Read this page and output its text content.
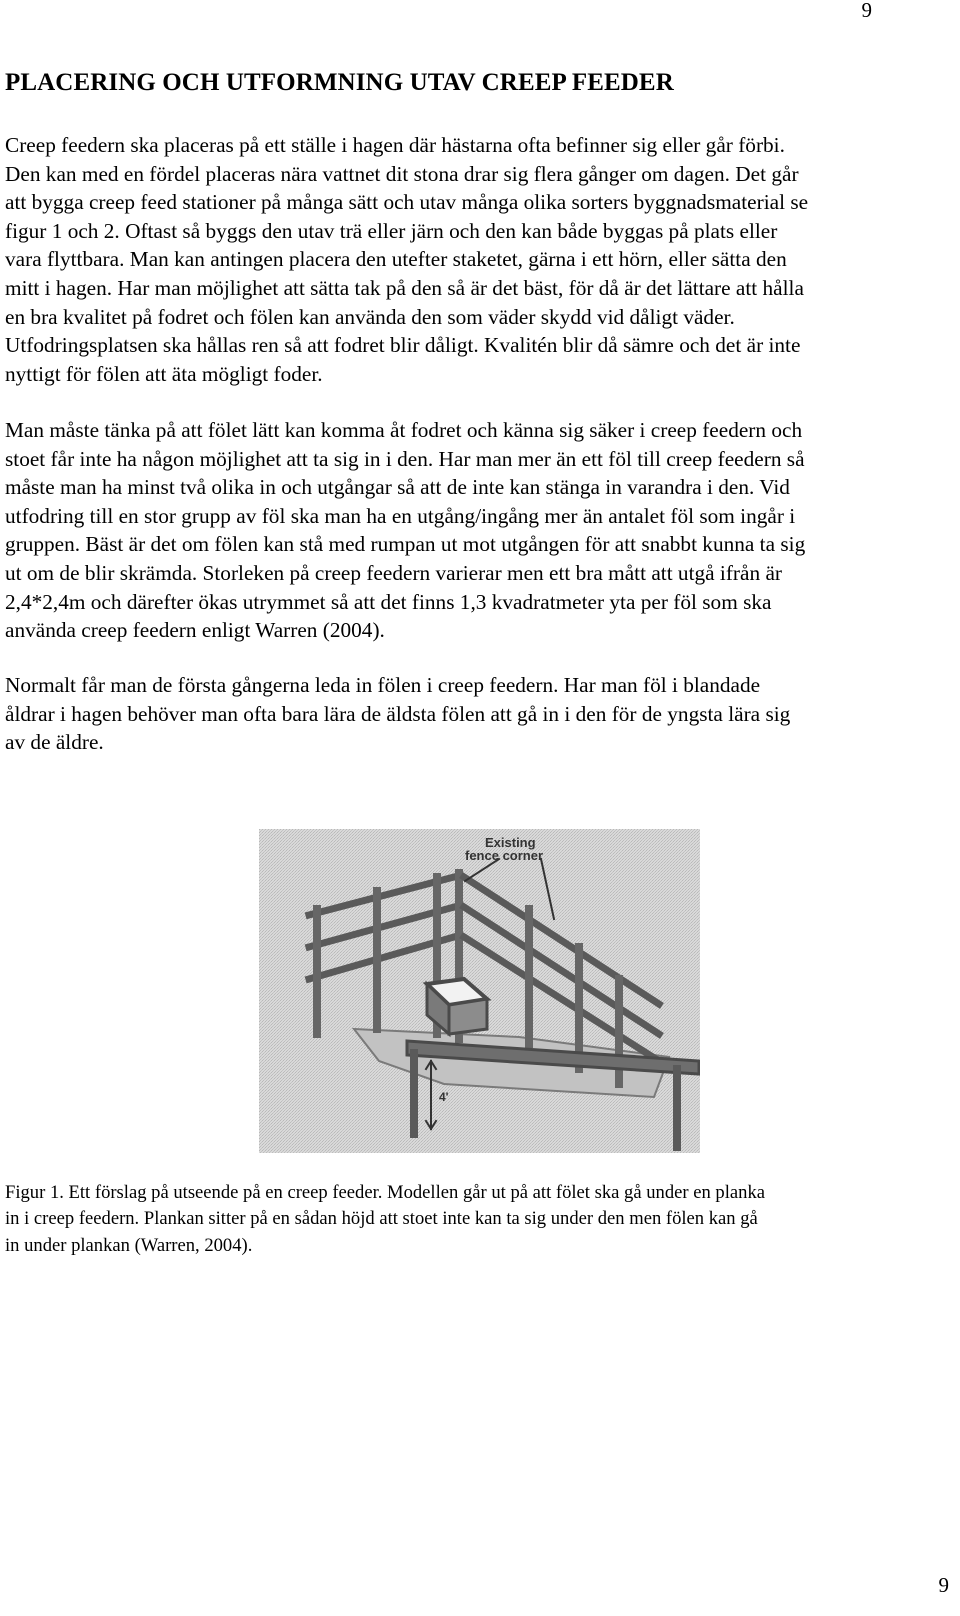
9
PLACERING OCH UTFORMNING UTAV CREEP FEEDER
Creep feedern ska placeras på ett ställe i hagen där hästarna ofta befinner sig eller går förbi.
Den kan med en fördel placeras nära vattnet dit stona drar sig flera gånger om dagen. Det går
att bygga creep feed stationer på många sätt och utav många olika sorters byggnadsmaterial se
figur 1 och 2. Oftast så byggs den utav trä eller järn och den kan både byggas på plats eller
vara flyttbara. Man kan antingen placera den utefter staketet, gärna i ett hörn, eller sätta den
mitt i hagen. Har man möjlighet att sätta tak på den så är det bäst, för då är det lättare att hålla
en bra kvalitet på fodret och fölen kan använda den som väder skydd vid dåligt väder.
Utfodringsplatsen ska hållas ren så att fodret blir dåligt. Kvalitén blir då sämre och det är inte
nyttigt för fölen att äta mögligt foder.
Man måste tänka på att fölet lätt kan komma åt fodret och känna sig säker i creep feedern och
stoet får inte ha någon möjlighet att ta sig in i den. Har man mer än ett föl till creep feedern så
måste man ha minst två olika in och utgångar så att de inte kan stänga in varandra i den. Vid
utfodring till en stor grupp av föl ska man ha en utgång/ingång mer än antalet föl som ingår i
gruppen. Bäst är det om fölen kan stå med rumpan ut mot utgången för att snabbt kunna ta sig
ut om de blir skrämda. Storleken på creep feedern varierar men ett bra mått att utgå ifrån är
2,4*2,4m och därefter ökas utrymmet så att det finns 1,3 kvadratmeter yta per föl som ska
använda creep feedern enligt Warren (2004).
Normalt får man de första gångerna leda in fölen i creep feedern. Har man föl i blandade
åldrar i hagen behöver man ofta bara lära de äldsta fölen att gå in i den för de yngsta lära sig
av de äldre.
Existing
fence corner
4'
Figur 1. Ett förslag på utseende på en creep feeder. Modellen går ut på att fölet ska gå under en planka
in i creep feedern. Plankan sitter på en sådan höjd att stoet inte kan ta sig under den men fölen kan gå
in under plankan (Warren, 2004).
9
